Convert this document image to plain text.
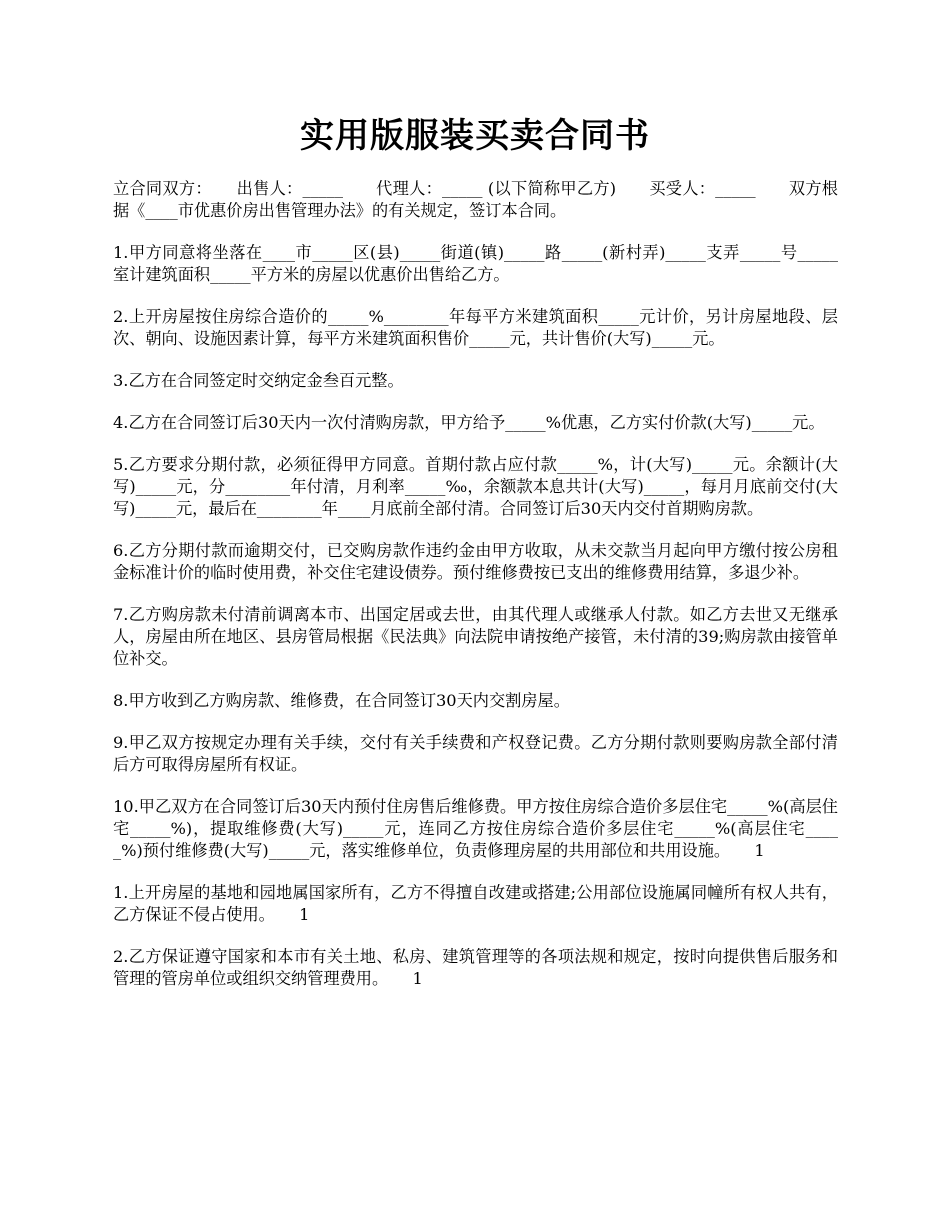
实用版服装买卖合同书

立合同双方：　　出售人：_____　　代理人：_____ (以下简称甲乙方)　　买受人：_____　　双方根据《____市优惠价房出售管理办法》的有关规定，签订本合同。

1.甲方同意将坐落在____市_____区(县)_____街道(镇)_____路_____(新村弄)_____支弄_____号_____室计建筑面积_____平方米的房屋以优惠价出售给乙方。

2.上开房屋按住房综合造价的_____%________年每平方米建筑面积_____元计价，另计房屋地段、层次、朝向、设施因素计算，每平方米建筑面积售价_____元，共计售价(大写)_____元。

3.乙方在合同签定时交纳定金叁百元整。

4.乙方在合同签订后30天内一次付清购房款，甲方给予_____%优惠，乙方实付价款(大写)_____元。

5.乙方要求分期付款，必须征得甲方同意。首期付款占应付款_____%，计(大写)_____元。余额计(大写)_____元，分________年付清，月利率_____‰，余额款本息共计(大写)_____，每月月底前交付(大写)_____元，最后在________年____月底前全部付清。合同签订后30天内交付首期购房款。

6.乙方分期付款而逾期交付，已交购房款作违约金由甲方收取，从未交款当月起向甲方缴付按公房租金标准计价的临时使用费，补交住宅建设债券。预付维修费按已支出的维修费用结算，多退少补。

7.乙方购房款未付清前调离本市、出国定居或去世，由其代理人或继承人付款。如乙方去世又无继承人，房屋由所在地区、县房管局根据《民法典》向法院申请按绝产接管，未付清的39;购房款由接管单位补交。

8.甲方收到乙方购房款、维修费，在合同签订30天内交割房屋。

9.甲乙双方按规定办理有关手续，交付有关手续费和产权登记费。乙方分期付款则要购房款全部付清后方可取得房屋所有权证。

10.甲乙双方在合同签订后30天内预付住房售后维修费。甲方按住房综合造价多层住宅_____%(高层住宅_____%)，提取维修费(大写)_____元，连同乙方按住房综合造价多层住宅_____%(高层住宅_____%)预付维修费(大写)_____元，落实维修单位，负责修理房屋的共用部位和共用设施。　　1

1.上开房屋的基地和园地属国家所有，乙方不得擅自改建或搭建;公用部位设施属同幢所有权人共有，乙方保证不侵占使用。　　1

2.乙方保证遵守国家和本市有关土地、私房、建筑管理等的各项法规和规定，按时向提供售后服务和管理的管房单位或组织交纳管理费用。　　1
